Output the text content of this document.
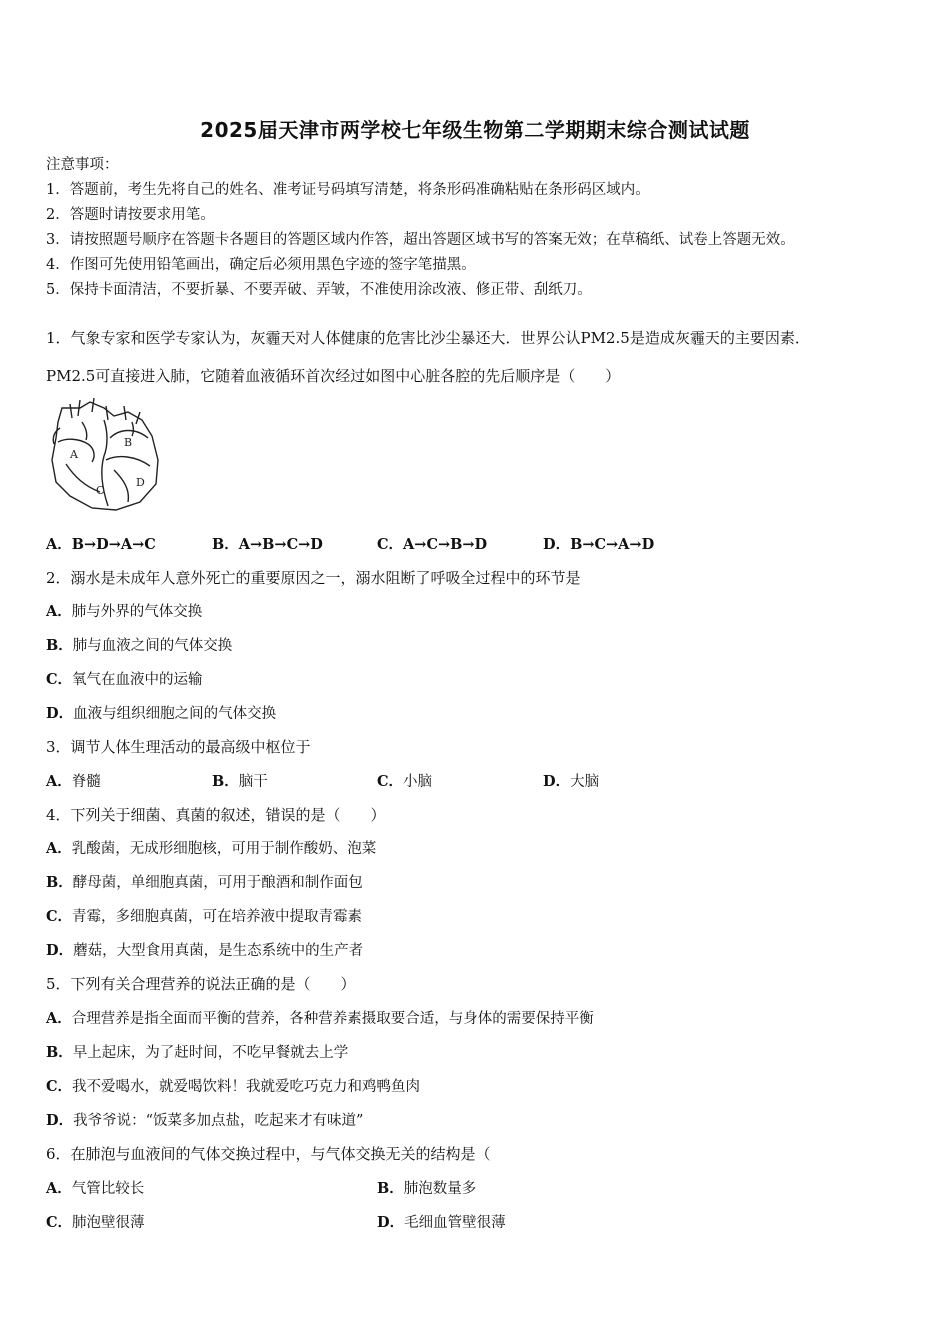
2025届天津市两学校七年级生物第二学期期末综合测试试题
注意事项：
1．答题前，考生先将自己的姓名、准考证号码填写清楚，将条形码准确粘贴在条形码区域内。
2．答题时请按要求用笔。
3．请按照题号顺序在答题卡各题目的答题区域内作答，超出答题区域书写的答案无效；在草稿纸、试卷上答题无效。
4．作图可先使用铅笔画出，确定后必须用黑色字迹的签字笔描黑。
5．保持卡面清洁，不要折暴、不要弄破、弄皱，不准使用涂改液、修正带、刮纸刀。
1．气象专家和医学专家认为，灰霾天对人体健康的危害比沙尘暴还大．世界公认PM2.5是造成灰霾天的主要因素．
PM2.5可直接进入肺，它随着血液循环首次经过如图中心脏各腔的先后顺序是（　　）
A
B
C
D
A．B→D→A→C	B．A→B→C→D	C．A→C→B→D	D．B→C→A→D
2．溺水是未成年人意外死亡的重要原因之一，溺水阻断了呼吸全过程中的环节是
A．肺与外界的气体交换
B．肺与血液之间的气体交换
C．氧气在血液中的运输
D．血液与组织细胞之间的气体交换
3．调节人体生理活动的最高级中枢位于
A．脊髓	B．脑干	C．小脑	D．大脑
4．下列关于细菌、真菌的叙述，错误的是（　　）
A．乳酸菌，无成形细胞核，可用于制作酸奶、泡菜
B．酵母菌，单细胞真菌，可用于酿酒和制作面包
C．青霉，多细胞真菌，可在培养液中提取青霉素
D．蘑菇，大型食用真菌，是生态系统中的生产者
5．下列有关合理营养的说法正确的是（　　）
A．合理营养是指全面而平衡的营养，各种营养素摄取要合适，与身体的需要保持平衡
B．早上起床，为了赶时间，不吃早餐就去上学
C．我不爱喝水，就爱喝饮料！我就爱吃巧克力和鸡鸭鱼肉
D．我爷爷说：“饭菜多加点盐，吃起来才有味道”
6．在肺泡与血液间的气体交换过程中，与气体交换无关的结构是（
A．气管比较长	B．肺泡数量多
C．肺泡壁很薄	D．毛细血管壁很薄
